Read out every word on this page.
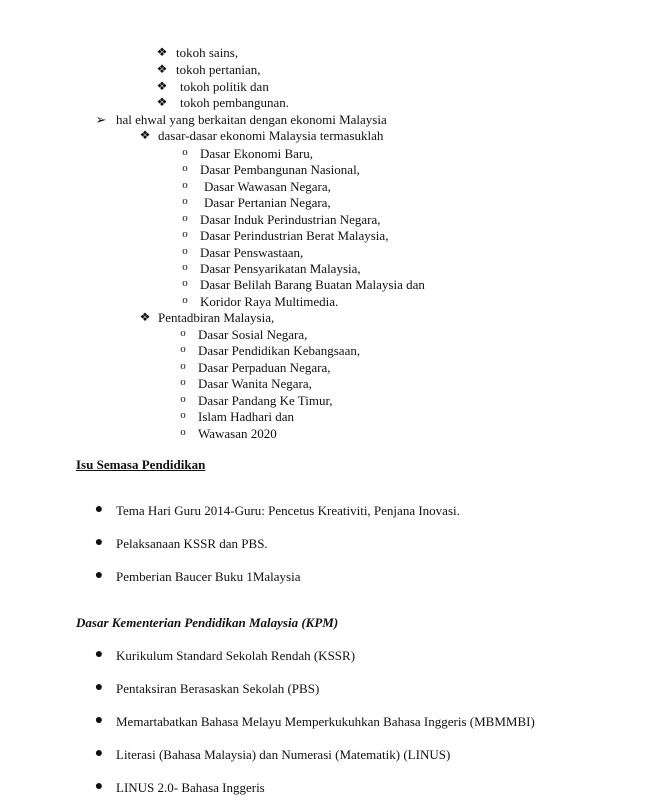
❖ tokoh sains,
❖ tokoh pertanian,
❖ tokoh politik dan
❖ tokoh pembangunan.
➢ hal ehwal yang berkaitan dengan ekonomi Malaysia
❖ dasar-dasar ekonomi Malaysia termasuklah
o Dasar Ekonomi Baru,
o Dasar Pembangunan Nasional,
o	Dasar Wawasan Negara,
o	Dasar Pertanian Negara,
o Dasar Induk Perindustrian Negara,
o Dasar Perindustrian Berat Malaysia,
o Dasar Penswastaan,
o Dasar Pensyarikatan Malaysia,
o Dasar Belilah Barang Buatan Malaysia dan
o Koridor Raya Multimedia.
❖ Pentadbiran Malaysia,
o Dasar Sosial Negara,
o Dasar Pendidikan Kebangsaan,
o Dasar Perpaduan Negara,
o Dasar Wanita Negara,
o Dasar Pandang Ke Timur,
o Islam Hadhari dan
o Wawasan 2020
Isu Semasa Pendidikan
● Tema Hari Guru 2014-Guru: Pencetus Kreativiti, Penjana Inovasi.
● Pelaksanaan KSSR dan PBS.
● Pemberian Baucer Buku 1Malaysia
Dasar Kementerian Pendidikan Malaysia (KPM)
● Kurikulum Standard Sekolah Rendah (KSSR)
● Pentaksiran Berasaskan Sekolah (PBS)
● Memartabatkan Bahasa Melayu Memperkukuhkan Bahasa Inggeris (MBMMBI)
● Literasi (Bahasa Malaysia) dan Numerasi (Matematik) (LINUS)
● LINUS 2.0- Bahasa Inggeris
